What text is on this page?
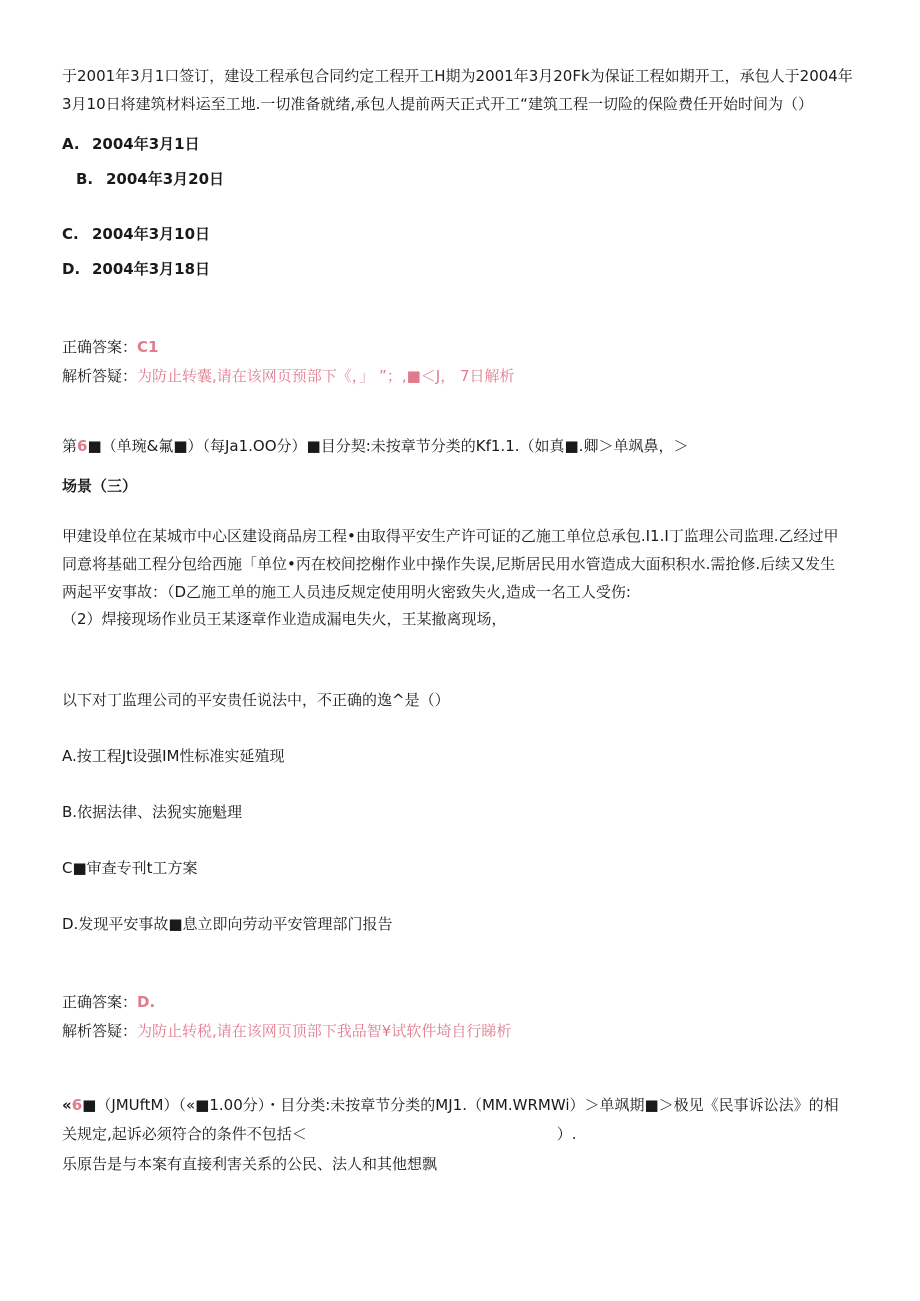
于2001年3月1口签订，建设工程承包合同约定工程开工H期为2001年3月20Fk为保证工程如期开工，承包人于2004年
3月10日将建筑材料运至工地.一切准备就绪,承包人提前两天正式开工“建筑工程一切险的保险费任开始时间为（）
A. 2004年3月1日
B. 2004年3月20日
C. 2004年3月10日
D. 2004年3月18日
正确答案：C1
解析答疑：为防止转囊,请在该网页预部下《，」 ”；,■＜J， 7日解析
第6■（单琬&氟■）（每Ja1.OO分）■目分契:未按章节分类的Kf1.1.（如真■.卿＞单飒鼻，＞
场景（三）
甲建设单位在某城市中心区建设商品房工程•由取得平安生产许可证的乙施工单位总承包.I1.I丁监理公司监理.乙经过甲
同意将基础工程分包给西施「单位•丙在校间挖榭作业中操作失误,尼斯居民用水管造成大面积积水.需抢修.后续又发生
两起平安事故：（D乙施工单的施工人员违反规定使用明火密致失火,造成一名工人受伤:
（2）焊接现场作业员王某逐章作业造成漏电失火，王某撤离现场，
以下对丁监理公司的平安贵任说法中，不正确的逸^是（）
A.按工程Jt设强IM性标准实延殖现
B.依据法律、法猊实施魁理
C■审查专刊t工方案
D.发现平安事故■息立即向劳动平安管理部门报告
正确答案：D.
解析答疑：为防止转税,请在该网页顶部下我品智¥试软件埼自行睇析
«6■（JMUftM）（«■1.00分）・目分类:未按章节分类的MJ1.（MM.WRMWi）＞单飒期■＞极见《民事诉讼法》的相
关规定,起诉必须符合的条件不包括＜	）.
乐原告是与本案有直接利害关系的公民、法人和其他想飘
